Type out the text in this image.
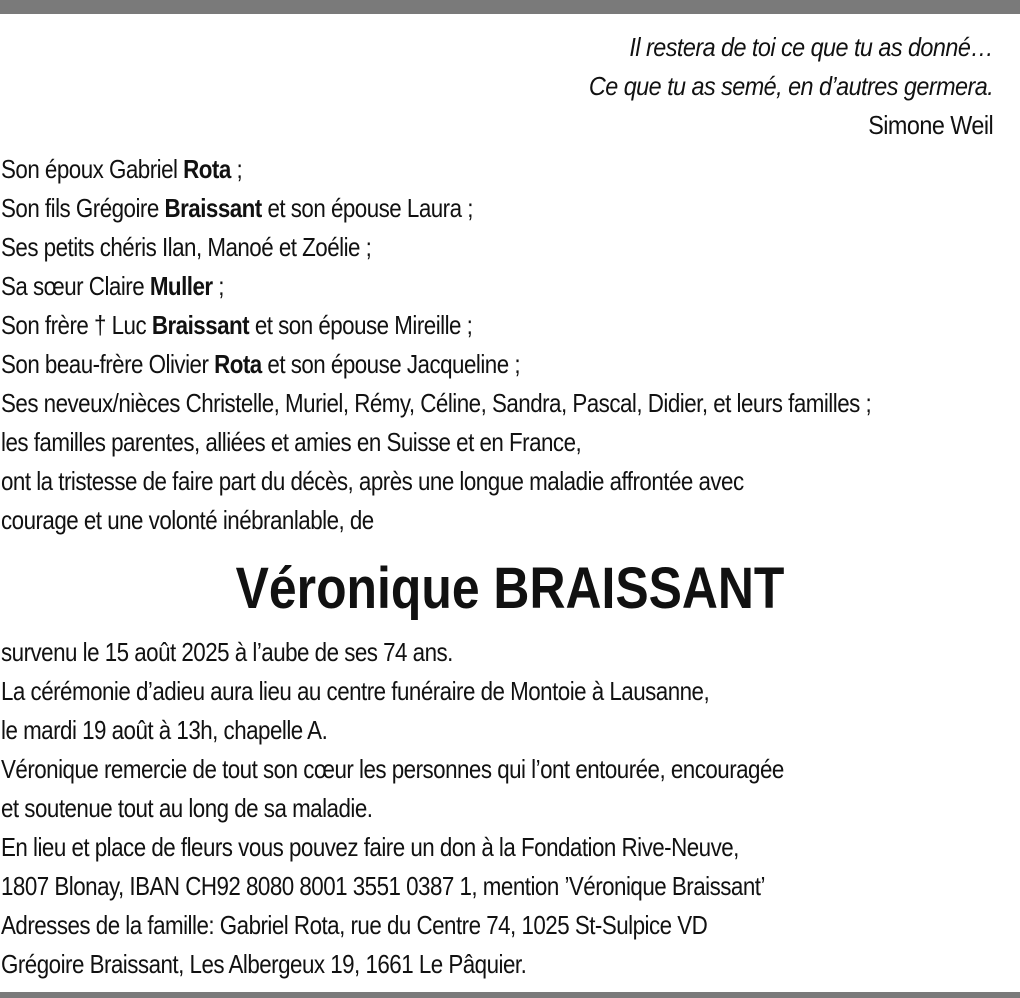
Il restera de toi ce que tu as donné…
Ce que tu as semé, en d’autres germera.
Simone Weil
Son époux Gabriel Rota ;
Son fils Grégoire Braissant et son épouse Laura ;
Ses petits chéris Ilan, Manoé et Zoélie ;
Sa sœur Claire Muller ;
Son frère † Luc Braissant et son épouse Mireille ;
Son beau-frère Olivier Rota et son épouse Jacqueline ;
Ses neveux/nièces Christelle, Muriel, Rémy, Céline, Sandra, Pascal, Didier, et leurs familles ;
les familles parentes, alliées et amies en Suisse et en France,
ont la tristesse de faire part du décès, après une longue maladie affrontée avec
courage et une volonté inébranlable, de
Véronique BRAISSANT
survenu le 15 août 2025 à l’aube de ses 74 ans.
La cérémonie d’adieu aura lieu au centre funéraire de Montoie à Lausanne,
le mardi 19 août à 13h, chapelle A.
Véronique remercie de tout son cœur les personnes qui l’ont entourée, encouragée
et soutenue tout au long de sa maladie.
En lieu et place de fleurs vous pouvez faire un don à la Fondation Rive-Neuve,
1807 Blonay, IBAN CH92 8080 8001 3551 0387 1, mention ’Véronique Braissant’
Adresses de la famille: Gabriel Rota, rue du Centre 74, 1025 St-Sulpice VD
Grégoire Braissant, Les Albergeux 19, 1661 Le Pâquier.
